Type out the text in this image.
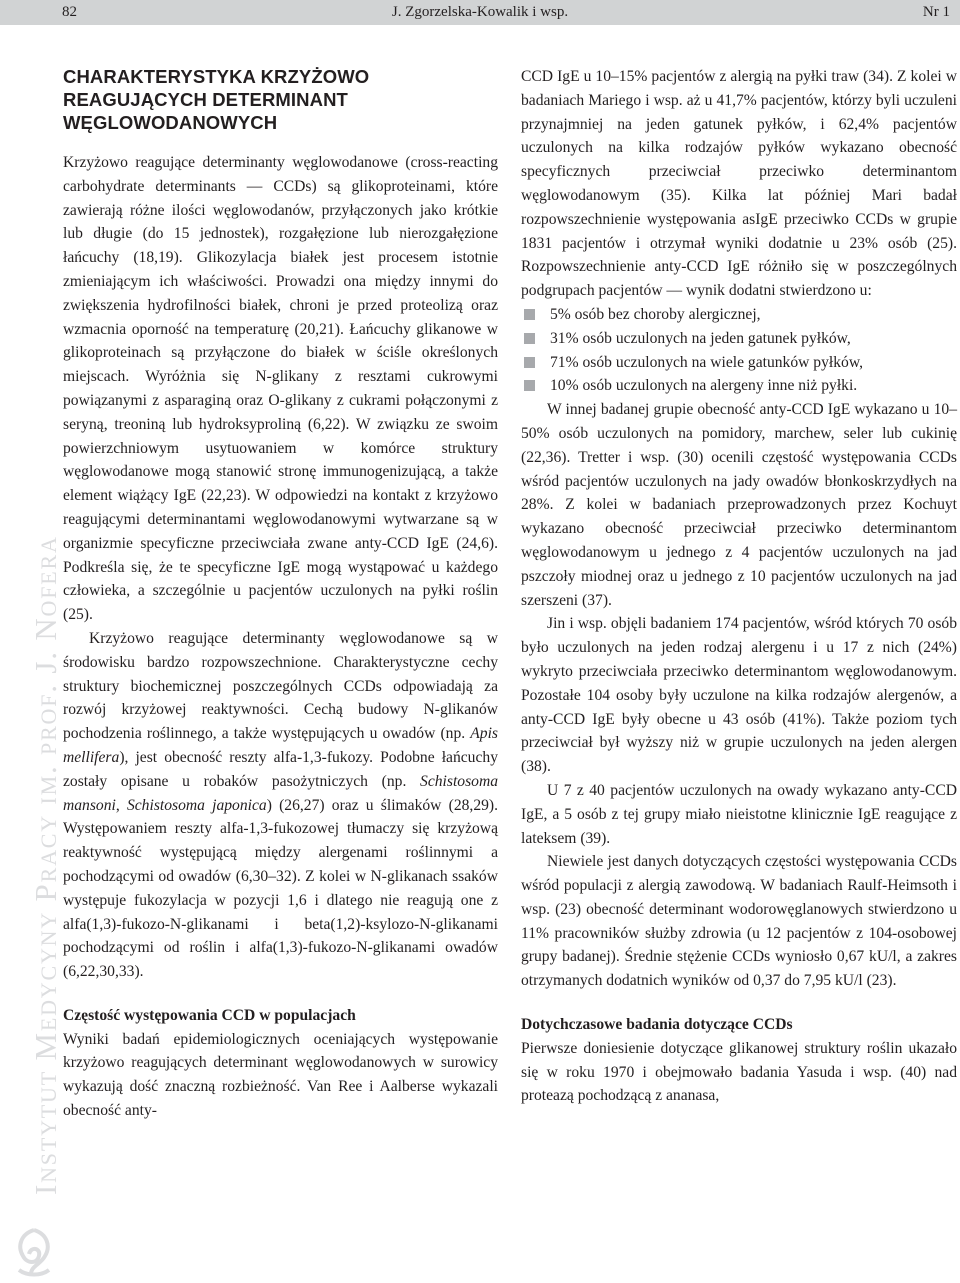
82	J. Zgorzelska-Kowalik i wsp.	Nr 1
Instytut Medycyny Pracy im. prof. J. Nofera
CHARAKTERYSTYKA KRZYŻOWO REAGUJĄCYCH DETERMINANT WĘGLOWODANOWYCH

Krzyżowo reagujące determinanty węglowodanowe (cross-reacting carbohydrate determinants — CCDs) są glikoproteinami, które zawierają różne ilości węglowodanów, przyłączonych jako krótkie lub długie (do 15 jednostek), rozgałęzione lub nierozgałęzione łańcuchy (18,19). Glikozylacja białek jest procesem istotnie zmieniającym ich właściwości. Prowadzi ona między innymi do zwiększenia hydrofilności białek, chroni je przed proteolizą oraz wzmacnia oporność na temperaturę (20,21). Łańcuchy glikanowe w glikoproteinach są przyłączone do białek w ściśle określonych miejscach. Wyróżnia się N-glikany z resztami cukrowymi powiązanymi z asparaginą oraz O-glikany z cukrami połączonymi z seryną, treoniną lub hydroksyproliną (6,22). W związku ze swoim powierzchniowym usytuowaniem w komórce struktury węglowodanowe mogą stanowić stronę immunogenizującą, a także element wiążący IgE (22,23). W odpowiedzi na kontakt z krzyżowo reagującymi determinantami węglowodanowymi wytwarzane są w organizmie specyficzne przeciwciała zwane anty-CCD IgE (24,6). Podkreśla się, że te specyficzne IgE mogą wystąpować u każdego człowieka, a szczególnie u pacjentów uczulonych na pyłki roślin (25).

Krzyżowo reagujące determinanty węglowodanowe są w środowisku bardzo rozpowszechnione. Charakterystyczne cechy struktury biochemicznej poszczególnych CCDs odpowiadają za rozwój krzyżowej reaktywności. Cechą budowy N-glikanów pochodzenia roślinnego, a także występujących u owadów (np. Apis mellifera), jest obecność reszty alfa-1,3-fukozy. Podobne łańcuchy zostały opisane u robaków pasożytniczych (np. Schistosoma mansoni, Schistosoma japonica) (26,27) oraz u ślimaków (28,29). Występowaniem reszty alfa-1,3-fukozowej tłumaczy się krzyżową reaktywność występującą między alergenami roślinnymi a pochodzącymi od owadów (6,30–32). Z kolei w N-glikanach ssaków występuje fukozylacja w pozycji 1,6 i dlatego nie reagują one z alfa(1,3)-fukozo-N-glikanami i beta(1,2)-ksylozo-N-glikanami pochodzącymi od roślin i alfa(1,3)-fukozo-N-glikanami owadów (6,22,30,33).

Częstość występowania CCD w populacjach

Wyniki badań epidemiologicznych oceniających występowanie krzyżowo reagujących determinant węglowodanowych w surowicy wykazują dość znaczną rozbieżność. Van Ree i Aalberse wykazali obecność anty-

CCD IgE u 10–15% pacjentów z alergią na pyłki traw (34). Z kolei w badaniach Mariego i wsp. aż u 41,7% pacjentów, którzy byli uczuleni przynajmniej na jeden gatunek pyłków, i 62,4% pacjentów uczulonych na kilka rodzajów pyłków wykazano obecność specyficznych przeciwciał przeciwko determinantom węglowodanowym (35). Kilka lat później Mari badał rozpowszechnienie występowania asIgE przeciwko CCDs w grupie 1831 pacjentów i otrzymał wyniki dodatnie u 23% osób (25). Rozpowszechnienie anty-CCD IgE różniło się w poszczególnych podgrupach pacjentów — wynik dodatni stwierdzono u:

5% osób bez choroby alergicznej,
31% osób uczulonych na jeden gatunek pyłków,
71% osób uczulonych na wiele gatunków pyłków,
10% osób uczulonych na alergeny inne niż pyłki.

W innej badanej grupie obecność anty-CCD IgE wykazano u 10–50% osób uczulonych na pomidory, marchew, seler lub cukinię (22,36). Tretter i wsp. (30) ocenili częstość występowania CCDs wśród pacjentów uczulonych na jady owadów błonkoskrzydłych na 28%. Z kolei w badaniach przeprowadzonych przez Kochuyt wykazano obecność przeciwciał przeciwko determinantom węglowodanowym u jednego z 4 pacjentów uczulonych na jad pszczoły miodnej oraz u jednego z 10 pacjentów uczulonych na jad szerszeni (37).

Jin i wsp. objęli badaniem 174 pacjentów, wśród których 70 osób było uczulonych na jeden rodzaj alergenu i u 17 z nich (24%) wykryto przeciwciała przeciwko determinantom węglowodanowym. Pozostałe 104 osoby były uczulone na kilka rodzajów alergenów, a anty-CCD IgE były obecne u 43 osób (41%). Także poziom tych przeciwciał był wyższy niż w grupie uczulonych na jeden alergen (38).

U 7 z 40 pacjentów uczulonych na owady wykazano anty-CCD IgE, a 5 osób z tej grupy miało nieistotne klinicznie IgE reagujące z lateksem (39).

Niewiele jest danych dotyczących częstości występowania CCDs wśród populacji z alergią zawodową. W badaniach Raulf-Heimsoth i wsp. (23) obecność determinant wodorowęglanowych stwierdzono u 11% pracowników służby zdrowia (u 12 pacjentów z 104-osobowej grupy badanej). Średnie stężenie CCDs wyniosło 0,67 kU/l, a zakres otrzymanych dodatnich wyników od 0,37 do 7,95 kU/l (23).

Dotychczasowe badania dotyczące CCDs

Pierwsze doniesienie dotyczące glikanowej struktury roślin ukazało się w roku 1970 i obejmowało badania Yasuda i wsp. (40) nad proteazą pochodzącą z ananasa,
